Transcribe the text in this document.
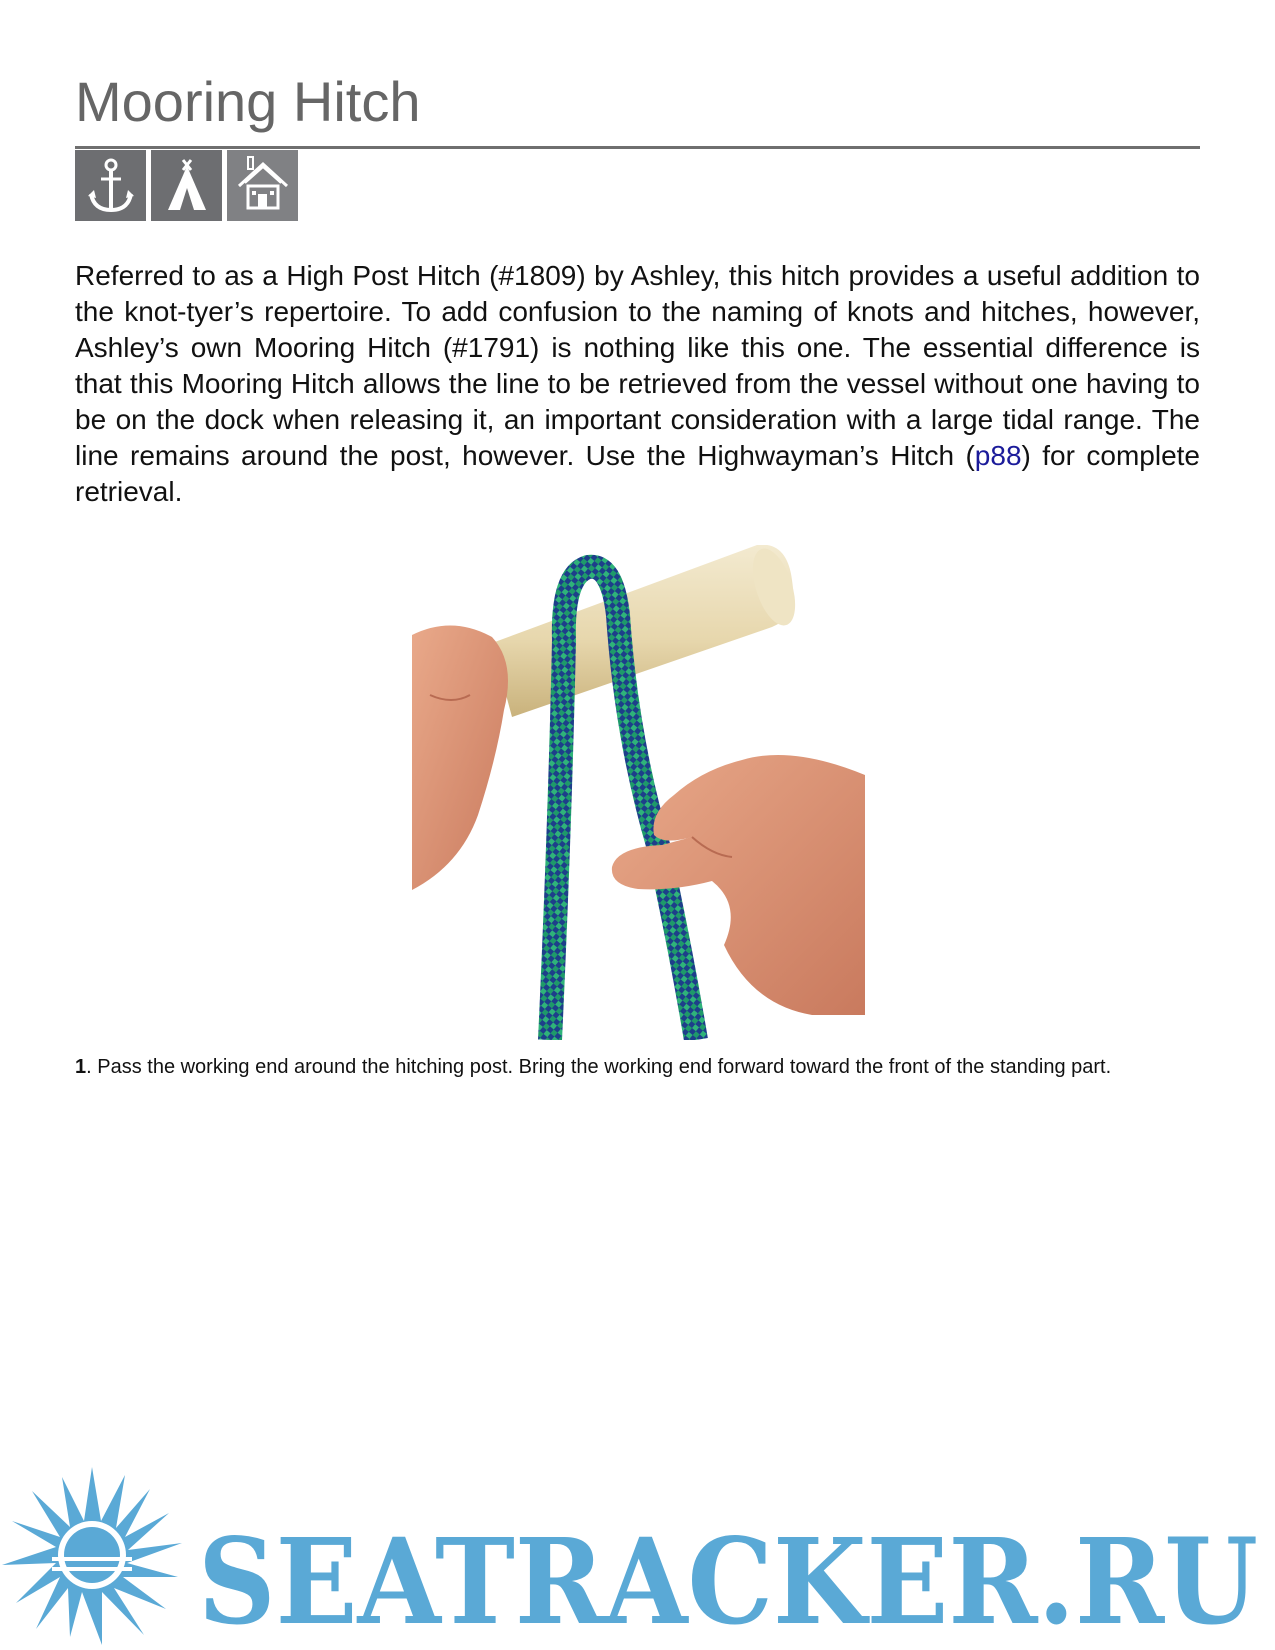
Mooring Hitch

Referred to as a High Post Hitch (#1809) by Ashley, this hitch provides a useful addition to the knot-tyer’s repertoire. To add confusion to the naming of knots and hitches, however, Ashley’s own Mooring Hitch (#1791) is nothing like this one. The essential difference is that this Mooring Hitch allows the line to be retrieved from the vessel without one having to be on the dock when releasing it, an important consideration with a large tidal range. The line remains around the post, however. Use the Highwayman’s Hitch (p88) for complete retrieval.

1. Pass the working end around the hitching post. Bring the working end forward toward the front of the standing part.

SEATRACKER.RU
